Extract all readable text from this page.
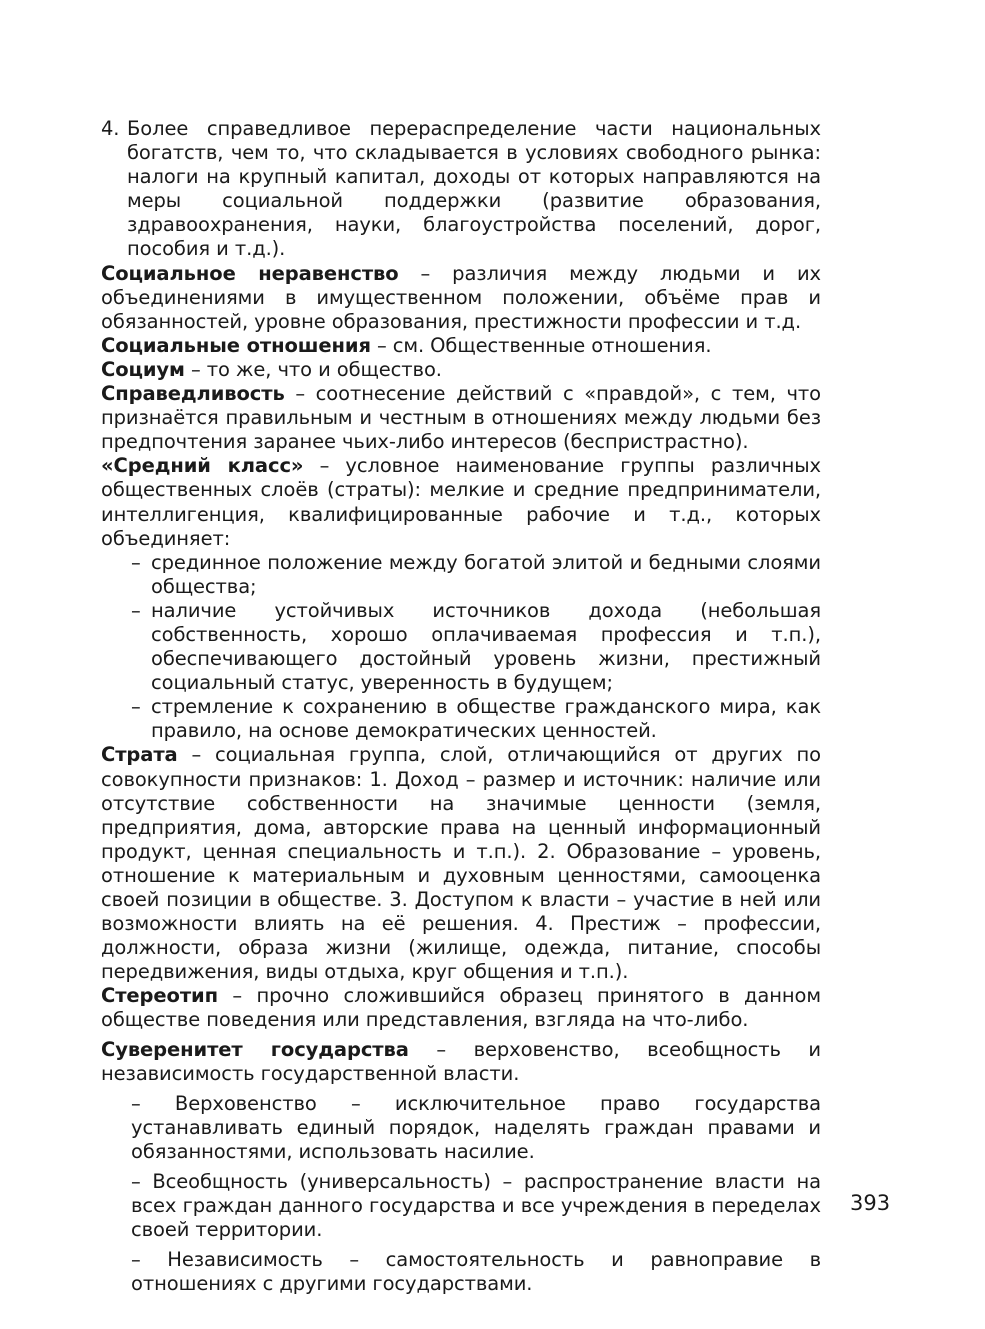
4. Более справедливое перераспределение части национальных богатств, чем то, что складывается в условиях свободного рынка: налоги на крупный капитал, доходы от которых направляются на меры социальной поддержки (развитие образования, здравоохранения, науки, благоустройства поселений, дорог, пособия и т.д.).

Социальное неравенство – различия между людьми и их объединениями в имущественном положении, объёме прав и обязанностей, уровне образования, престижности профессии и т.д.

Социальные отношения – см. Общественные отношения.

Социум – то же, что и общество.

Справедливость – соотнесение действий с «правдой», с тем, что признаётся правильным и честным в отношениях между людьми без предпочтения заранее чьих-либо интересов (беспристрастно).

«Средний класс» – условное наименование группы различных общественных слоёв (страты): мелкие и средние предприниматели, интеллигенция, квалифицированные рабочие и т.д., которых объединяет:

– срединное положение между богатой элитой и бедными слоями общества;
– наличие устойчивых источников дохода (небольшая собственность, хорошо оплачиваемая профессия и т.п.), обеспечивающего достойный уровень жизни, престижный социальный статус, уверенность в будущем;
– стремление к сохранению в обществе гражданского мира, как правило, на основе демократических ценностей.

Страта – социальная группа, слой, отличающийся от других по совокупности признаков: 1. Доход – размер и источник: наличие или отсутствие собственности на значимые ценности (земля, предприятия, дома, авторские права на ценный информационный продукт, ценная специальность и т.п.). 2. Образование – уровень, отношение к материальным и духовным ценностями, самооценка своей позиции в обществе. 3. Доступом к власти – участие в ней или возможности влиять на её решения. 4. Престиж – профессии, должности, образа жизни (жилище, одежда, питание, способы передвижения, виды отдыха, круг общения и т.п.).

Стереотип – прочно сложившийся образец принятого в данном обществе поведения или представления, взгляда на что-либо.

Суверенитет государства – верховенство, всеобщность и независимость государственной власти.

– Верховенство – исключительное право государства устанавливать единый порядок, наделять граждан правами и обязанностями, использовать насилие.

– Всеобщность (универсальность) – распространение власти на всех граждан данного государства и все учреждения в переделах своей территории.

– Независимость – самостоятельность и равноправие в отношениях с другими государствами.

393
